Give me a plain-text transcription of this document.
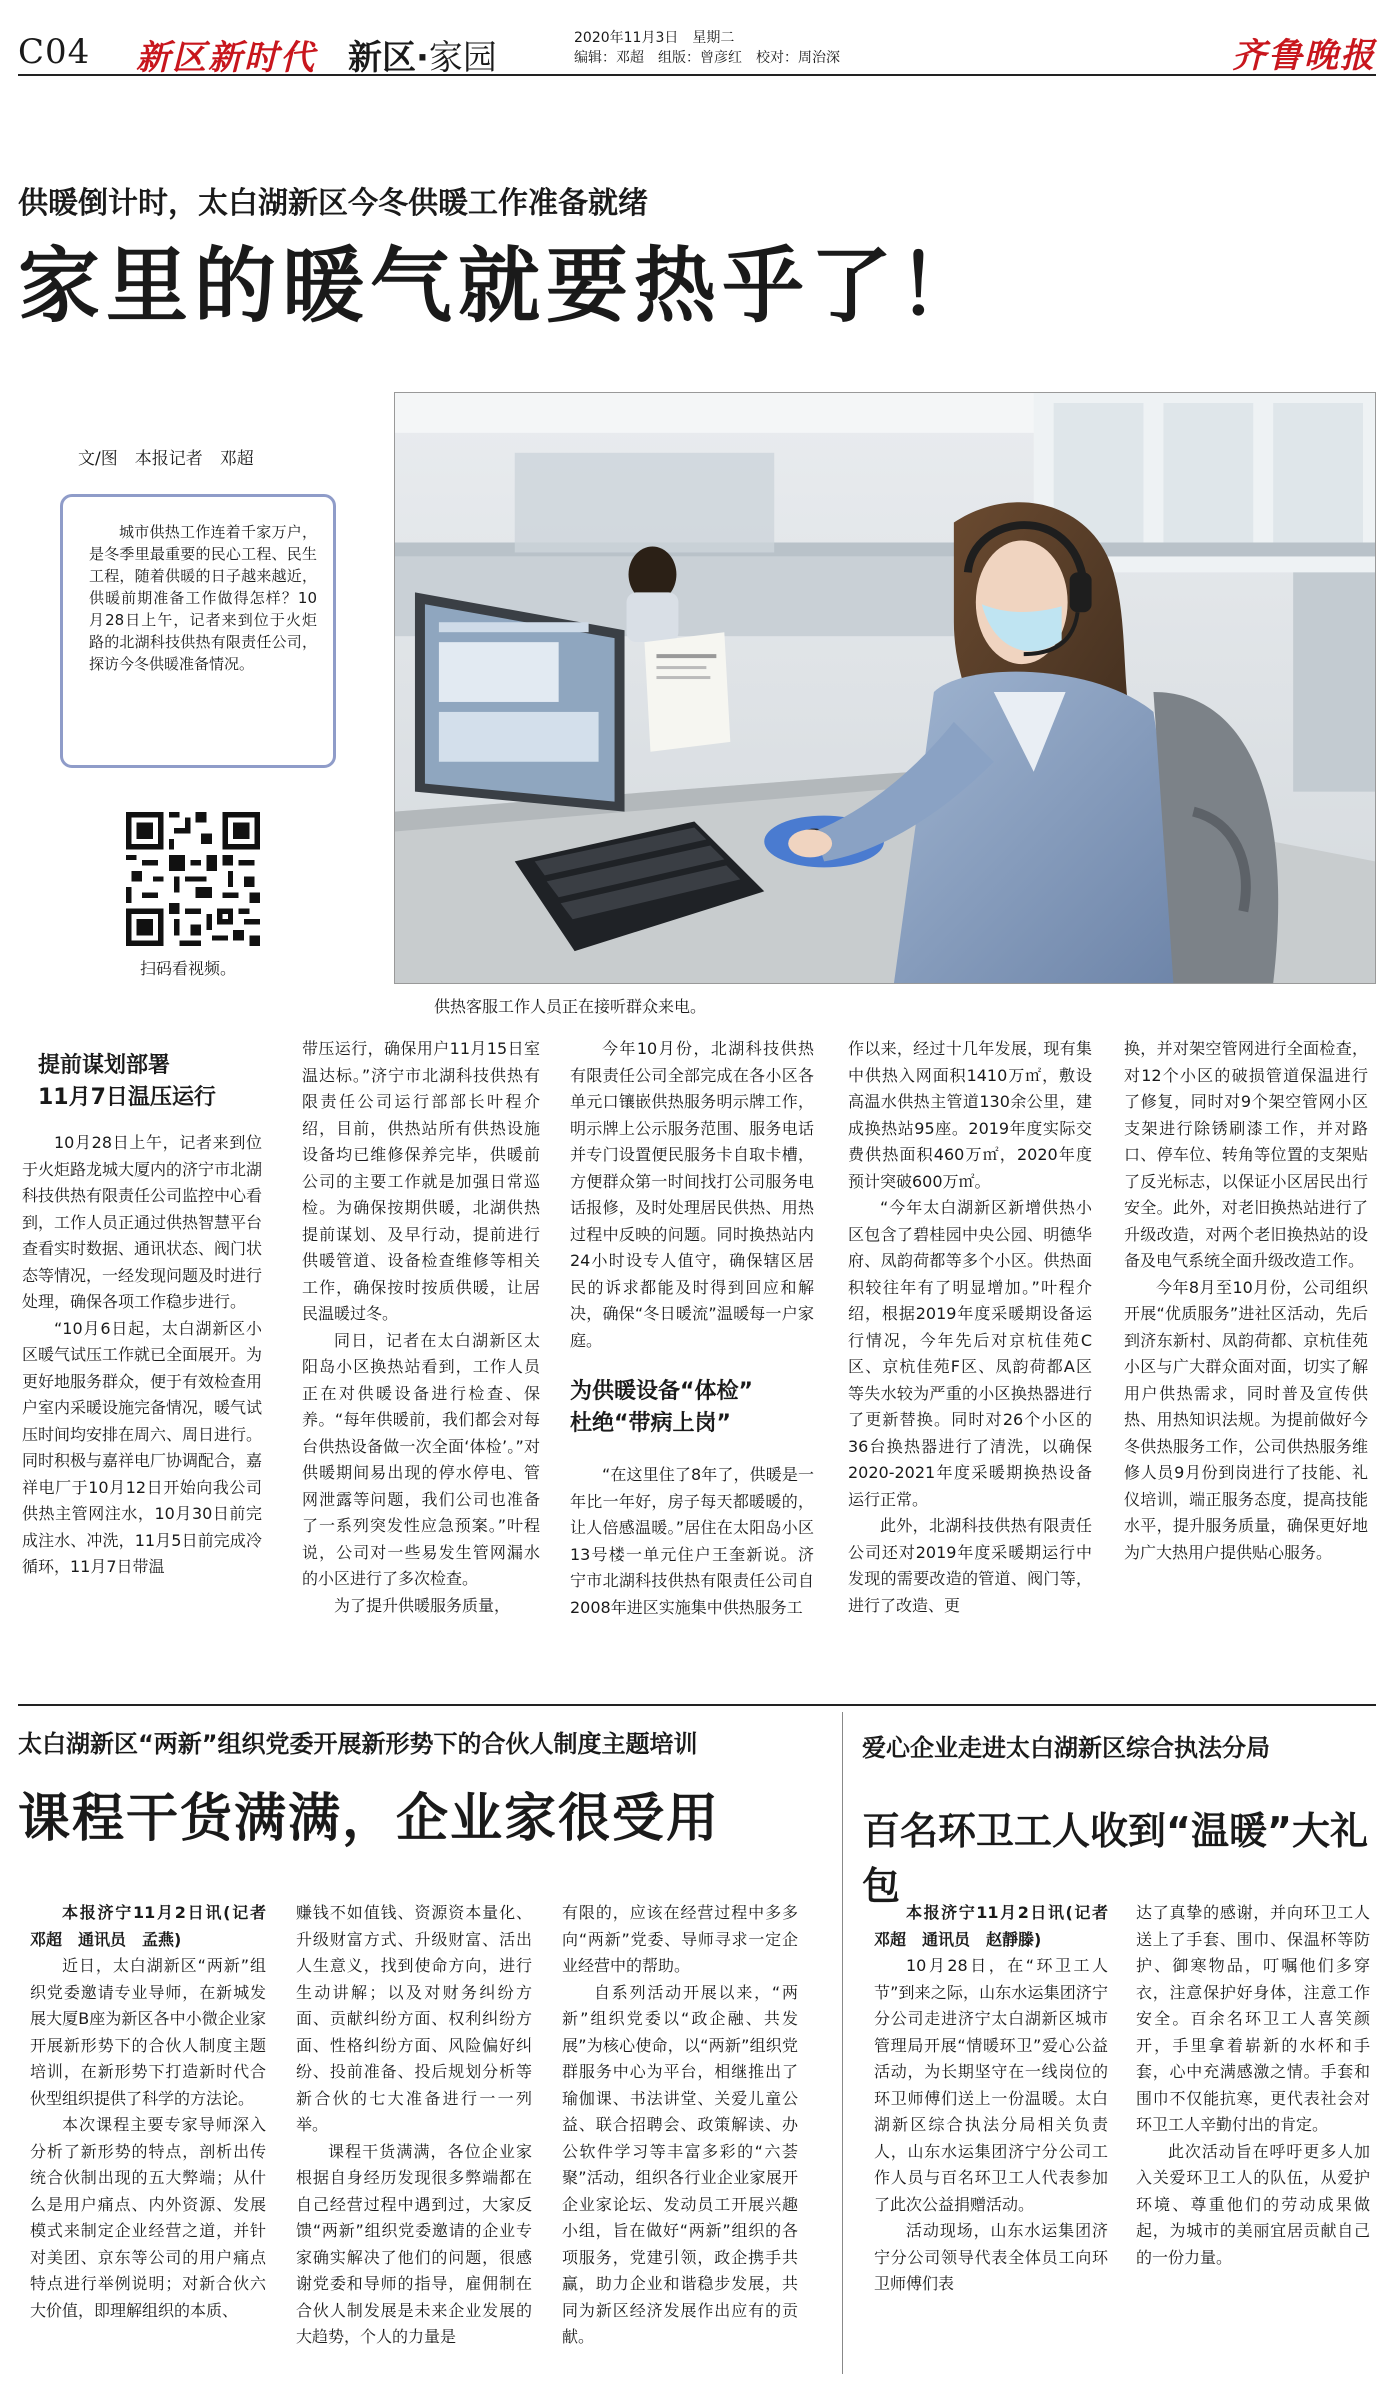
C04 新区新时代 新区·家园	2020年11月3日　星期二
编辑：邓超　组版：曾彦红　校对：周治深	齐鲁晚报
供暖倒计时，太白湖新区今冬供暖工作准备就绪
家里的暖气就要热乎了！
文/图　本报记者　邓超
城市供热工作连着千家万户，是冬季里最重要的民心工程、民生工程，随着供暖的日子越来越近，供暖前期准备工作做得怎样？10月28日上午，记者来到位于火炬路的北湖科技供热有限责任公司，探访今冬供暖准备情况。
扫码看视频。
供热客服工作人员正在接听群众来电。
提前谋划部署
11月7日温压运行

10月28日上午，记者来到位于火炬路龙城大厦内的济宁市北湖科技供热有限责任公司监控中心看到，工作人员正通过供热智慧平台查看实时数据、通讯状态、阀门状态等情况，一经发现问题及时进行处理，确保各项工作稳步进行。

“10月6日起，太白湖新区小区暖气试压工作就已全面展开。为更好地服务群众，便于有效检查用户室内采暖设施完备情况，暖气试压时间均安排在周六、周日进行。同时积极与嘉祥电厂协调配合，嘉祥电厂于10月12日开始向我公司供热主管网注水，10月30日前完成注水、冲洗，11月5日前完成冷循环，11月7日带温

带压运行，确保用户11月15日室温达标。”济宁市北湖科技供热有限责任公司运行部部长叶程介绍，目前，供热站所有供热设施设备均已维修保养完毕，供暖前公司的主要工作就是加强日常巡检。为确保按期供暖，北湖供热提前谋划、及早行动，提前进行供暖管道、设备检查维修等相关工作，确保按时按质供暖，让居民温暖过冬。

同日，记者在太白湖新区太阳岛小区换热站看到，工作人员正在对供暖设备进行检查、保养。“每年供暖前，我们都会对每台供热设备做一次全面‘体检’。”对供暖期间易出现的停水停电、管网泄露等问题，我们公司也准备了一系列突发性应急预案。”叶程说，公司对一些易发生管网漏水的小区进行了多次检查。

为了提升供暖服务质量，

今年10月份，北湖科技供热有限责任公司全部完成在各小区各单元口镶嵌供热服务明示牌工作，明示牌上公示服务范围、服务电话并专门设置便民服务卡自取卡槽，方便群众第一时间找打公司服务电话报修，及时处理居民供热、用热过程中反映的问题。同时换热站内24小时设专人值守，确保辖区居民的诉求都能及时得到回应和解决，确保“冬日暖流”温暖每一户家庭。

为供暖设备“体检”
杜绝“带病上岗”

“在这里住了8年了，供暖是一年比一年好，房子每天都暖暖的，让人倍感温暖。”居住在太阳岛小区13号楼一单元住户王奎新说。济宁市北湖科技供热有限责任公司自2008年进区实施集中供热服务工

作以来，经过十几年发展，现有集中供热入网面积1410万㎡，敷设高温水供热主管道130余公里，建成换热站95座。2019年度实际交费供热面积460万㎡，2020年度预计突破600万㎡。

“今年太白湖新区新增供热小区包含了碧桂园中央公园、明德华府、凤韵荷都等多个小区。供热面积较往年有了明显增加。”叶程介绍，根据2019年度采暖期设备运行情况，今年先后对京杭佳苑C区、京杭佳苑F区、凤韵荷都A区等失水较为严重的小区换热器进行了更新替换。同时对26个小区的36台换热器进行了清洗，以确保2020-2021年度采暖期换热设备运行正常。

此外，北湖科技供热有限责任公司还对2019年度采暖期运行中发现的需要改造的管道、阀门等，进行了改造、更

换，并对架空管网进行全面检查，对12个小区的破损管道保温进行了修复，同时对9个架空管网小区支架进行除锈刷漆工作，并对路口、停车位、转角等位置的支架贴了反光标志，以保证小区居民出行安全。此外，对老旧换热站进行了升级改造，对两个老旧换热站的设备及电气系统全面升级改造工作。

今年8月至10月份，公司组织开展“优质服务”进社区活动，先后到济东新村、凤韵荷都、京杭佳苑小区与广大群众面对面，切实了解用户供热需求，同时普及宣传供热、用热知识法规。为提前做好今冬供热服务工作，公司供热服务维修人员9月份到岗进行了技能、礼仪培训，端正服务态度，提高技能水平，提升服务质量，确保更好地为广大热用户提供贴心服务。

太白湖新区“两新”组织党委开展新形势下的合伙人制度主题培训
课程干货满满，企业家很受用

本报济宁11月2日讯(记者　邓超　通讯员　孟燕)

近日，太白湖新区“两新”组织党委邀请专业导师，在新城发展大厦B座为新区各中小微企业家开展新形势下的合伙人制度主题培训，在新形势下打造新时代合伙型组织提供了科学的方法论。

本次课程主要专家导师深入分析了新形势的特点，剖析出传统合伙制出现的五大弊端；从什么是用户痛点、内外资源、发展模式来制定企业经营之道，并针对美团、京东等公司的用户痛点特点进行举例说明；对新合伙六大价值，即理解组织的本质、

赚钱不如值钱、资源资本量化、升级财富方式、升级财富、活出人生意义，找到使命方向，进行生动讲解；以及对财务纠纷方面、贡献纠纷方面、权利纠纷方面、性格纠纷方面、风险偏好纠纷、投前准备、投后规划分析等新合伙的七大准备进行一一列举。

课程干货满满，各位企业家根据自身经历发现很多弊端都在自己经营过程中遇到过，大家反馈“两新”组织党委邀请的企业专家确实解决了他们的问题，很感谢党委和导师的指导，雇佣制在合伙人制发展是未来企业发展的大趋势，个人的力量是

有限的，应该在经营过程中多多向“两新”党委、导师寻求一定企业经营中的帮助。

自系列活动开展以来，“两新”组织党委以“政企融、共发展”为核心使命，以“两新”组织党群服务中心为平台，相继推出了瑜伽课、书法讲堂、关爱儿童公益、联合招聘会、政策解读、办公软件学习等丰富多彩的“六荟聚”活动，组织各行业企业家展开企业家论坛、发动员工开展兴趣小组，旨在做好“两新”组织的各项服务，党建引领，政企携手共赢，助力企业和谐稳步发展，共同为新区经济发展作出应有的贡献。

爱心企业走进太白湖新区综合执法分局
百名环卫工人收到“温暖”大礼包

本报济宁11月2日讯(记者　邓超　通讯员　赵靜滕)

10月28日，在“环卫工人节”到来之际，山东水运集团济宁分公司走进济宁太白湖新区城市管理局开展“情暖环卫”爱心公益活动，为长期坚守在一线岗位的环卫师傅们送上一份温暖。太白湖新区综合执法分局相关负责人，山东水运集团济宁分公司工作人员与百名环卫工人代表参加了此次公益捐赠活动。

活动现场，山东水运集团济宁分公司领导代表全体员工向环卫师傅们表

达了真挚的感谢，并向环卫工人送上了手套、围巾、保温杯等防护、御寒物品，叮嘱他们多穿衣，注意保护好身体，注意工作安全。百余名环卫工人喜笑颜开，手里拿着崭新的水杯和手套，心中充满感激之情。手套和围巾不仅能抗寒，更代表社会对环卫工人辛勤付出的肯定。

此次活动旨在呼吁更多人加入关爱环卫工人的队伍，从爱护环境、尊重他们的劳动成果做起，为城市的美丽宜居贡献自己的一份力量。
